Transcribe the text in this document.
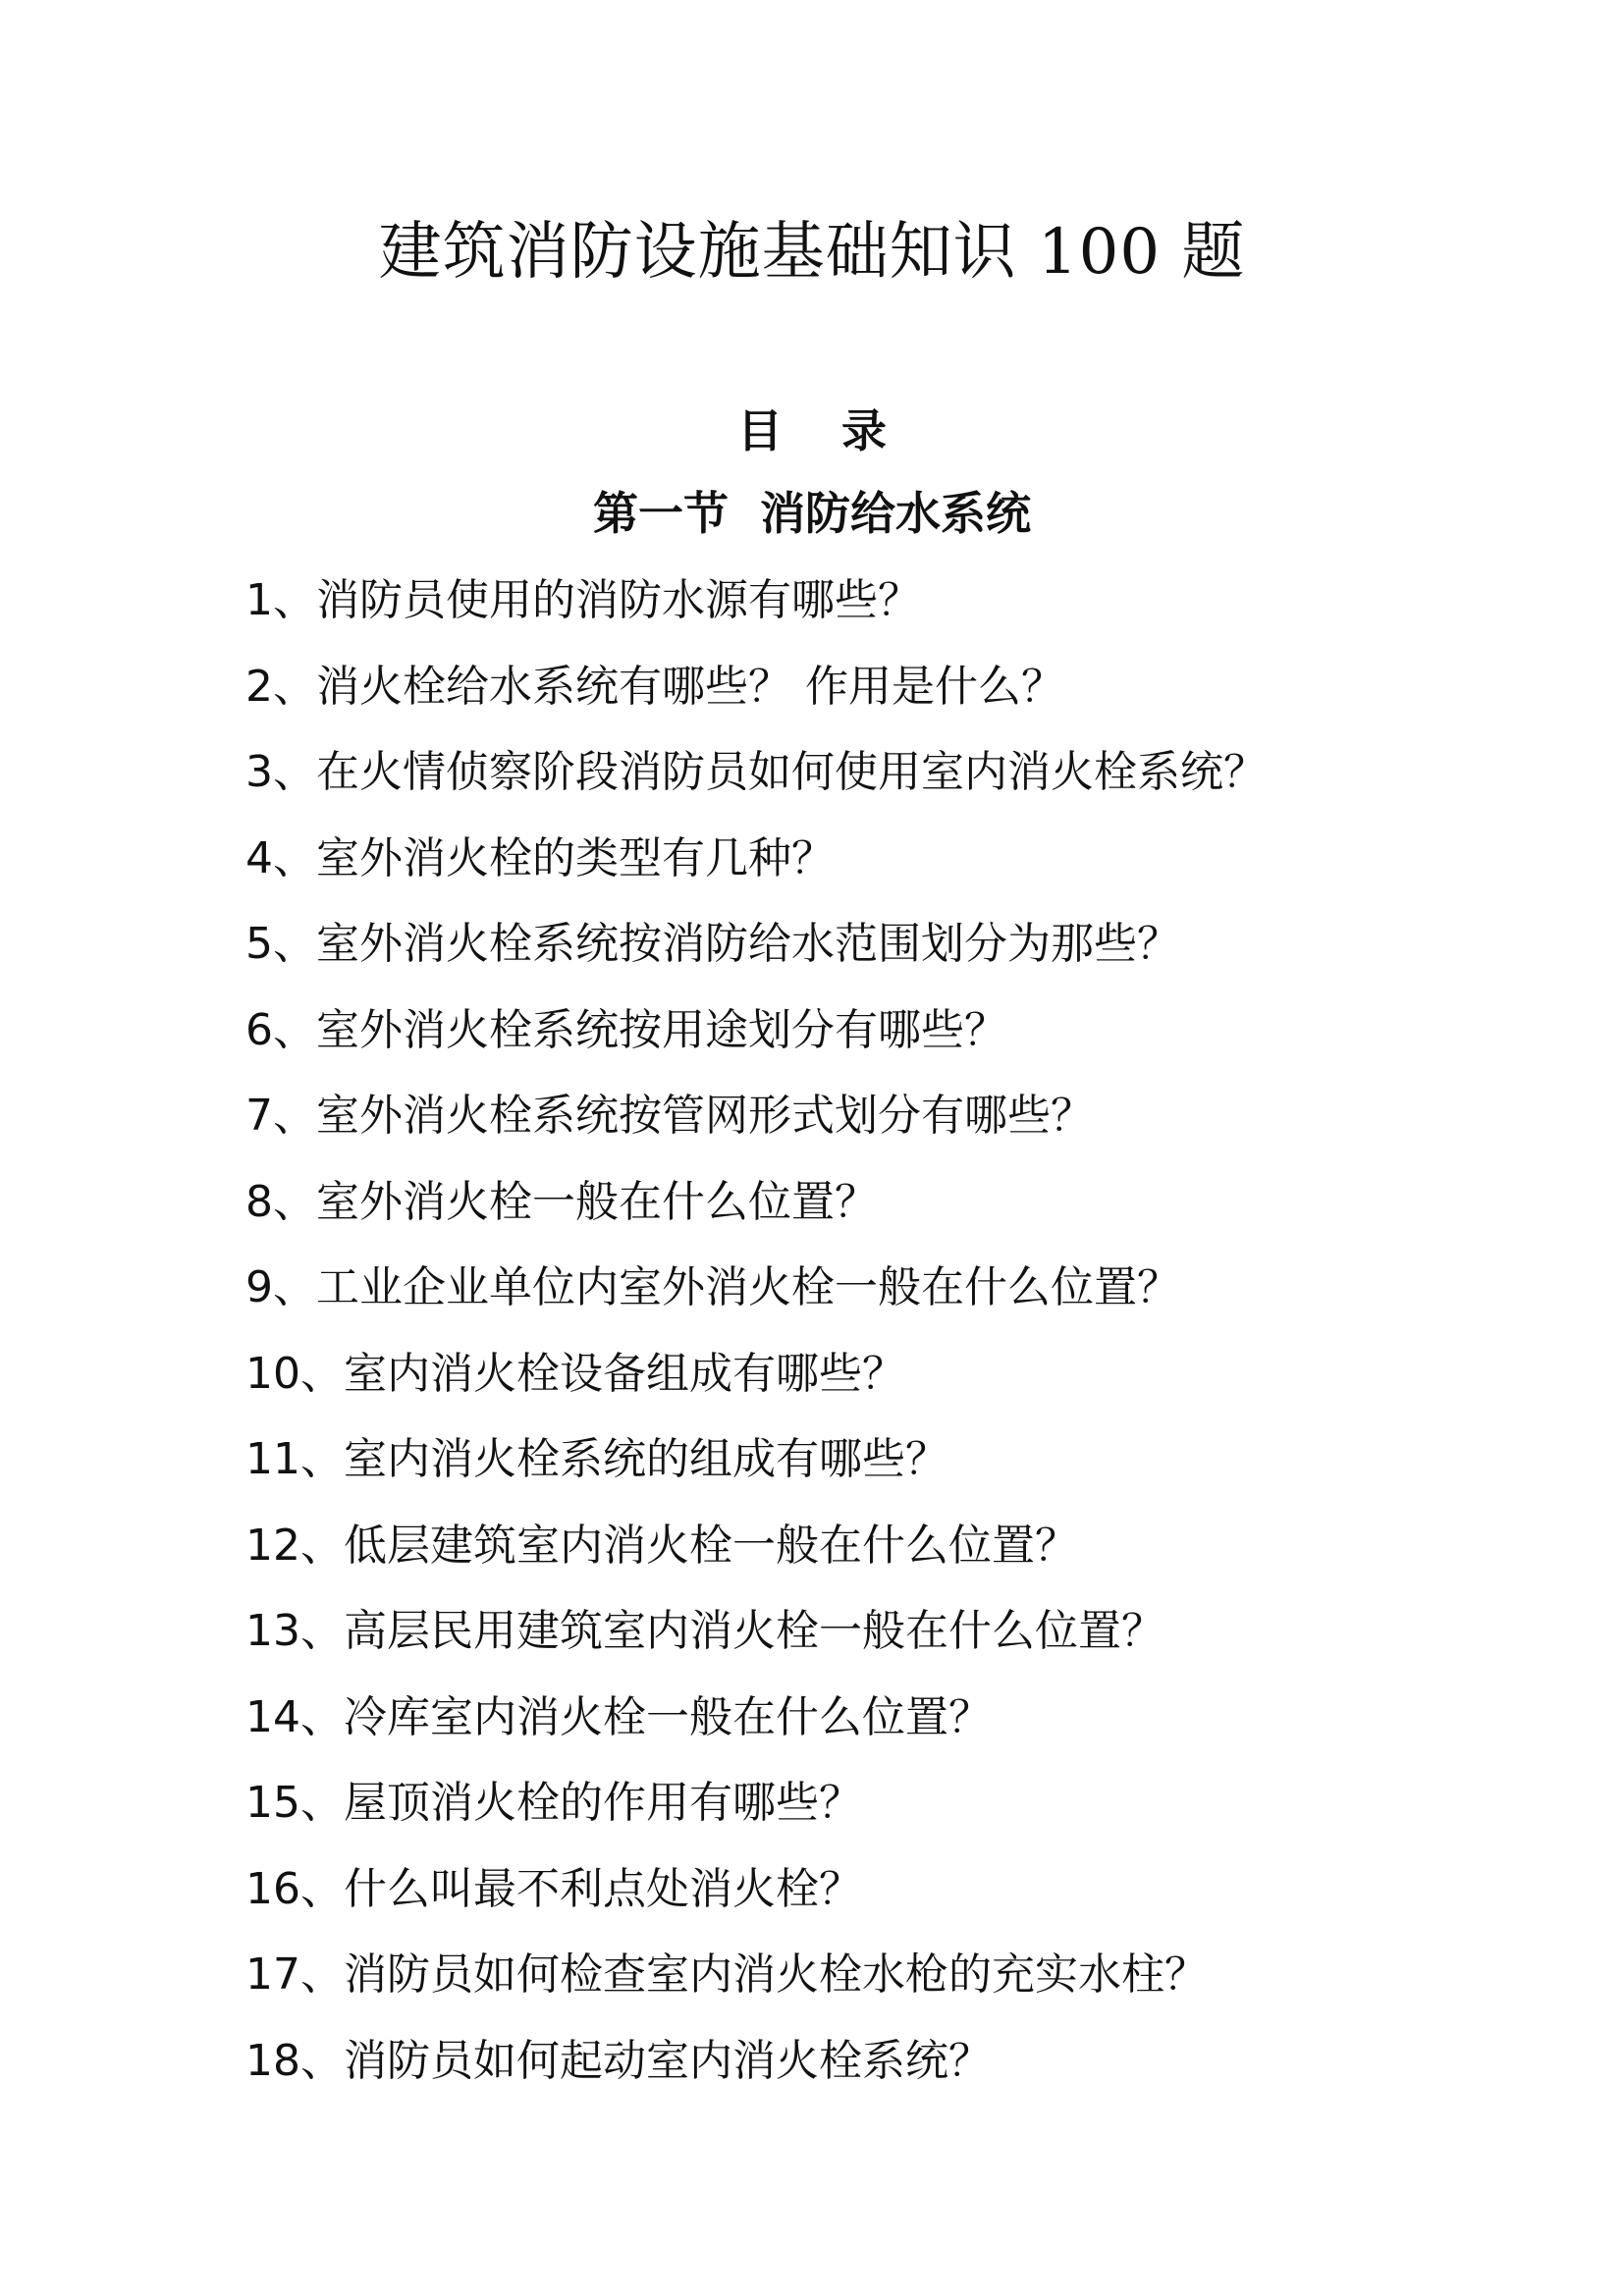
建筑消防设施基础知识 100 题
目 录
第一节  消防给水系统
1、消防员使用的消防水源有哪些？
2、消火栓给水系统有哪些？ 作用是什么？
3、在火情侦察阶段消防员如何使用室内消火栓系统？
4、室外消火栓的类型有几种？
5、室外消火栓系统按消防给水范围划分为那些？
6、室外消火栓系统按用途划分有哪些？
7、室外消火栓系统按管网形式划分有哪些？
8、室外消火栓一般在什么位置？
9、工业企业单位内室外消火栓一般在什么位置？
10、室内消火栓设备组成有哪些？
11、室内消火栓系统的组成有哪些？
12、低层建筑室内消火栓一般在什么位置？
13、高层民用建筑室内消火栓一般在什么位置？
14、冷库室内消火栓一般在什么位置？
15、屋顶消火栓的作用有哪些？
16、什么叫最不利点处消火栓？
17、消防员如何检查室内消火栓水枪的充实水柱？
18、消防员如何起动室内消火栓系统？
